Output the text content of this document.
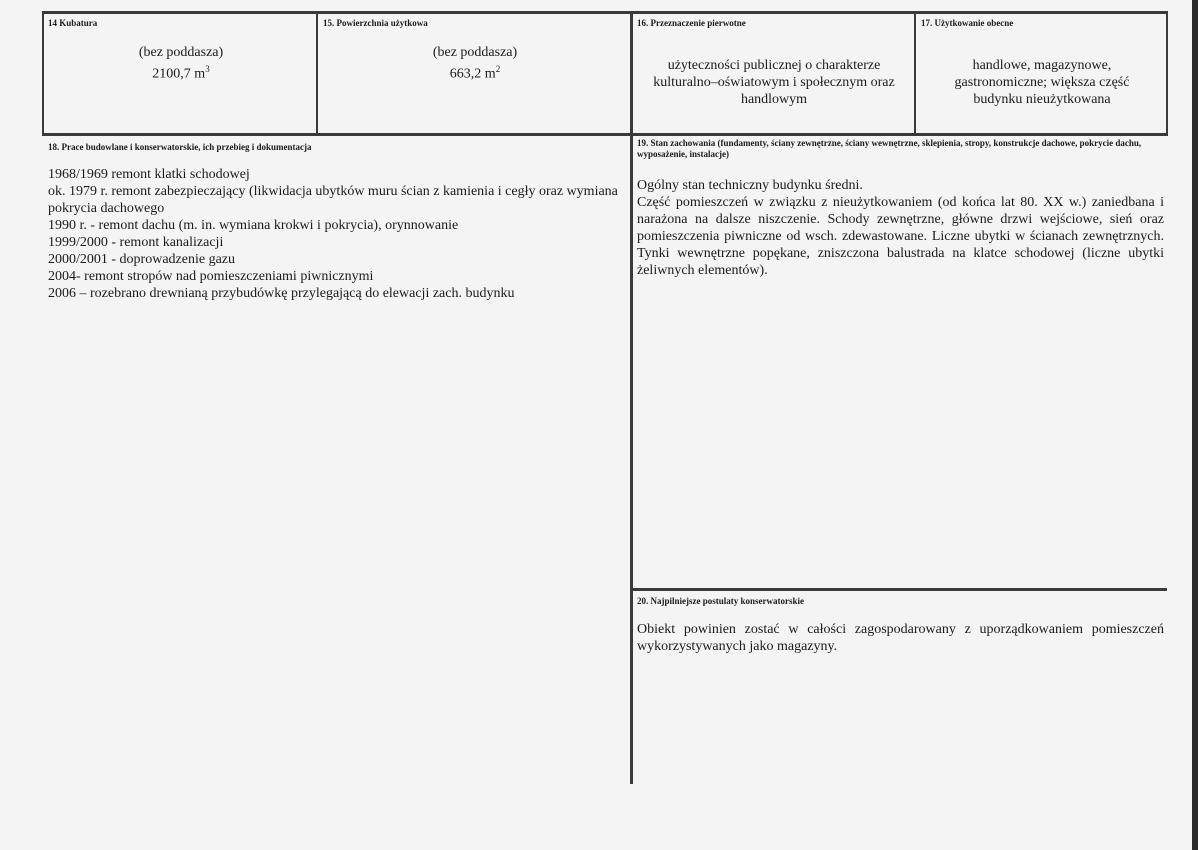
14 Kubatura
(bez poddasza)
2100,7 $m^3$
15. Powierzchnia użytkowa
(bez poddasza)
663,2 $m^2$
16. Przeznaczenie pierwotne
użyteczności publicznej o charakterze kulturalno–oświatowym i społecznym oraz handlowym
17. Użytkowanie obecne
handlowe, magazynowe, gastronomiczne; większa część budynku nieużytkowana
18. Prace budowlane i konserwatorskie, ich przebieg i dokumentacja
1968/1969 remont klatki schodowej
ok. 1979 r. remont zabezpieczający (likwidacja ubytków muru ścian z kamienia i cegły oraz wymiana pokrycia dachowego
1990 r. - remont dachu (m. in. wymiana krokwi i pokrycia), orynnowanie
1999/2000 - remont kanalizacji
2000/2001 - doprowadzenie gazu
2004- remont stropów nad pomieszczeniami piwnicznymi
2006 – rozebrano drewnianą przybudówkę przylegającą do elewacji zach. budynku
19. Stan zachowania (fundamenty, ściany zewnętrzne, ściany wewnętrzne, sklepienia, stropy, konstrukcje dachowe, pokrycie dachu, wyposażenie, instalacje)
Ogólny stan techniczny budynku średni.
Część pomieszczeń w związku z nieużytkowaniem (od końca lat 80. XX w.) zaniedbana i narażona na dalsze niszczenie. Schody zewnętrzne, główne drzwi wejściowe, sień oraz pomieszczenia piwniczne od wsch. zdewastowane. Liczne ubytki w ścianach zewnętrznych. Tynki wewnętrzne popękane, zniszczona balustrada na klatce schodowej (liczne ubytki żeliwnych elementów).
20. Najpilniejsze postulaty konserwatorskie
Obiekt powinien zostać w całości zagospodarowany z uporządkowaniem pomieszczeń wykorzystywanych jako magazyny.
